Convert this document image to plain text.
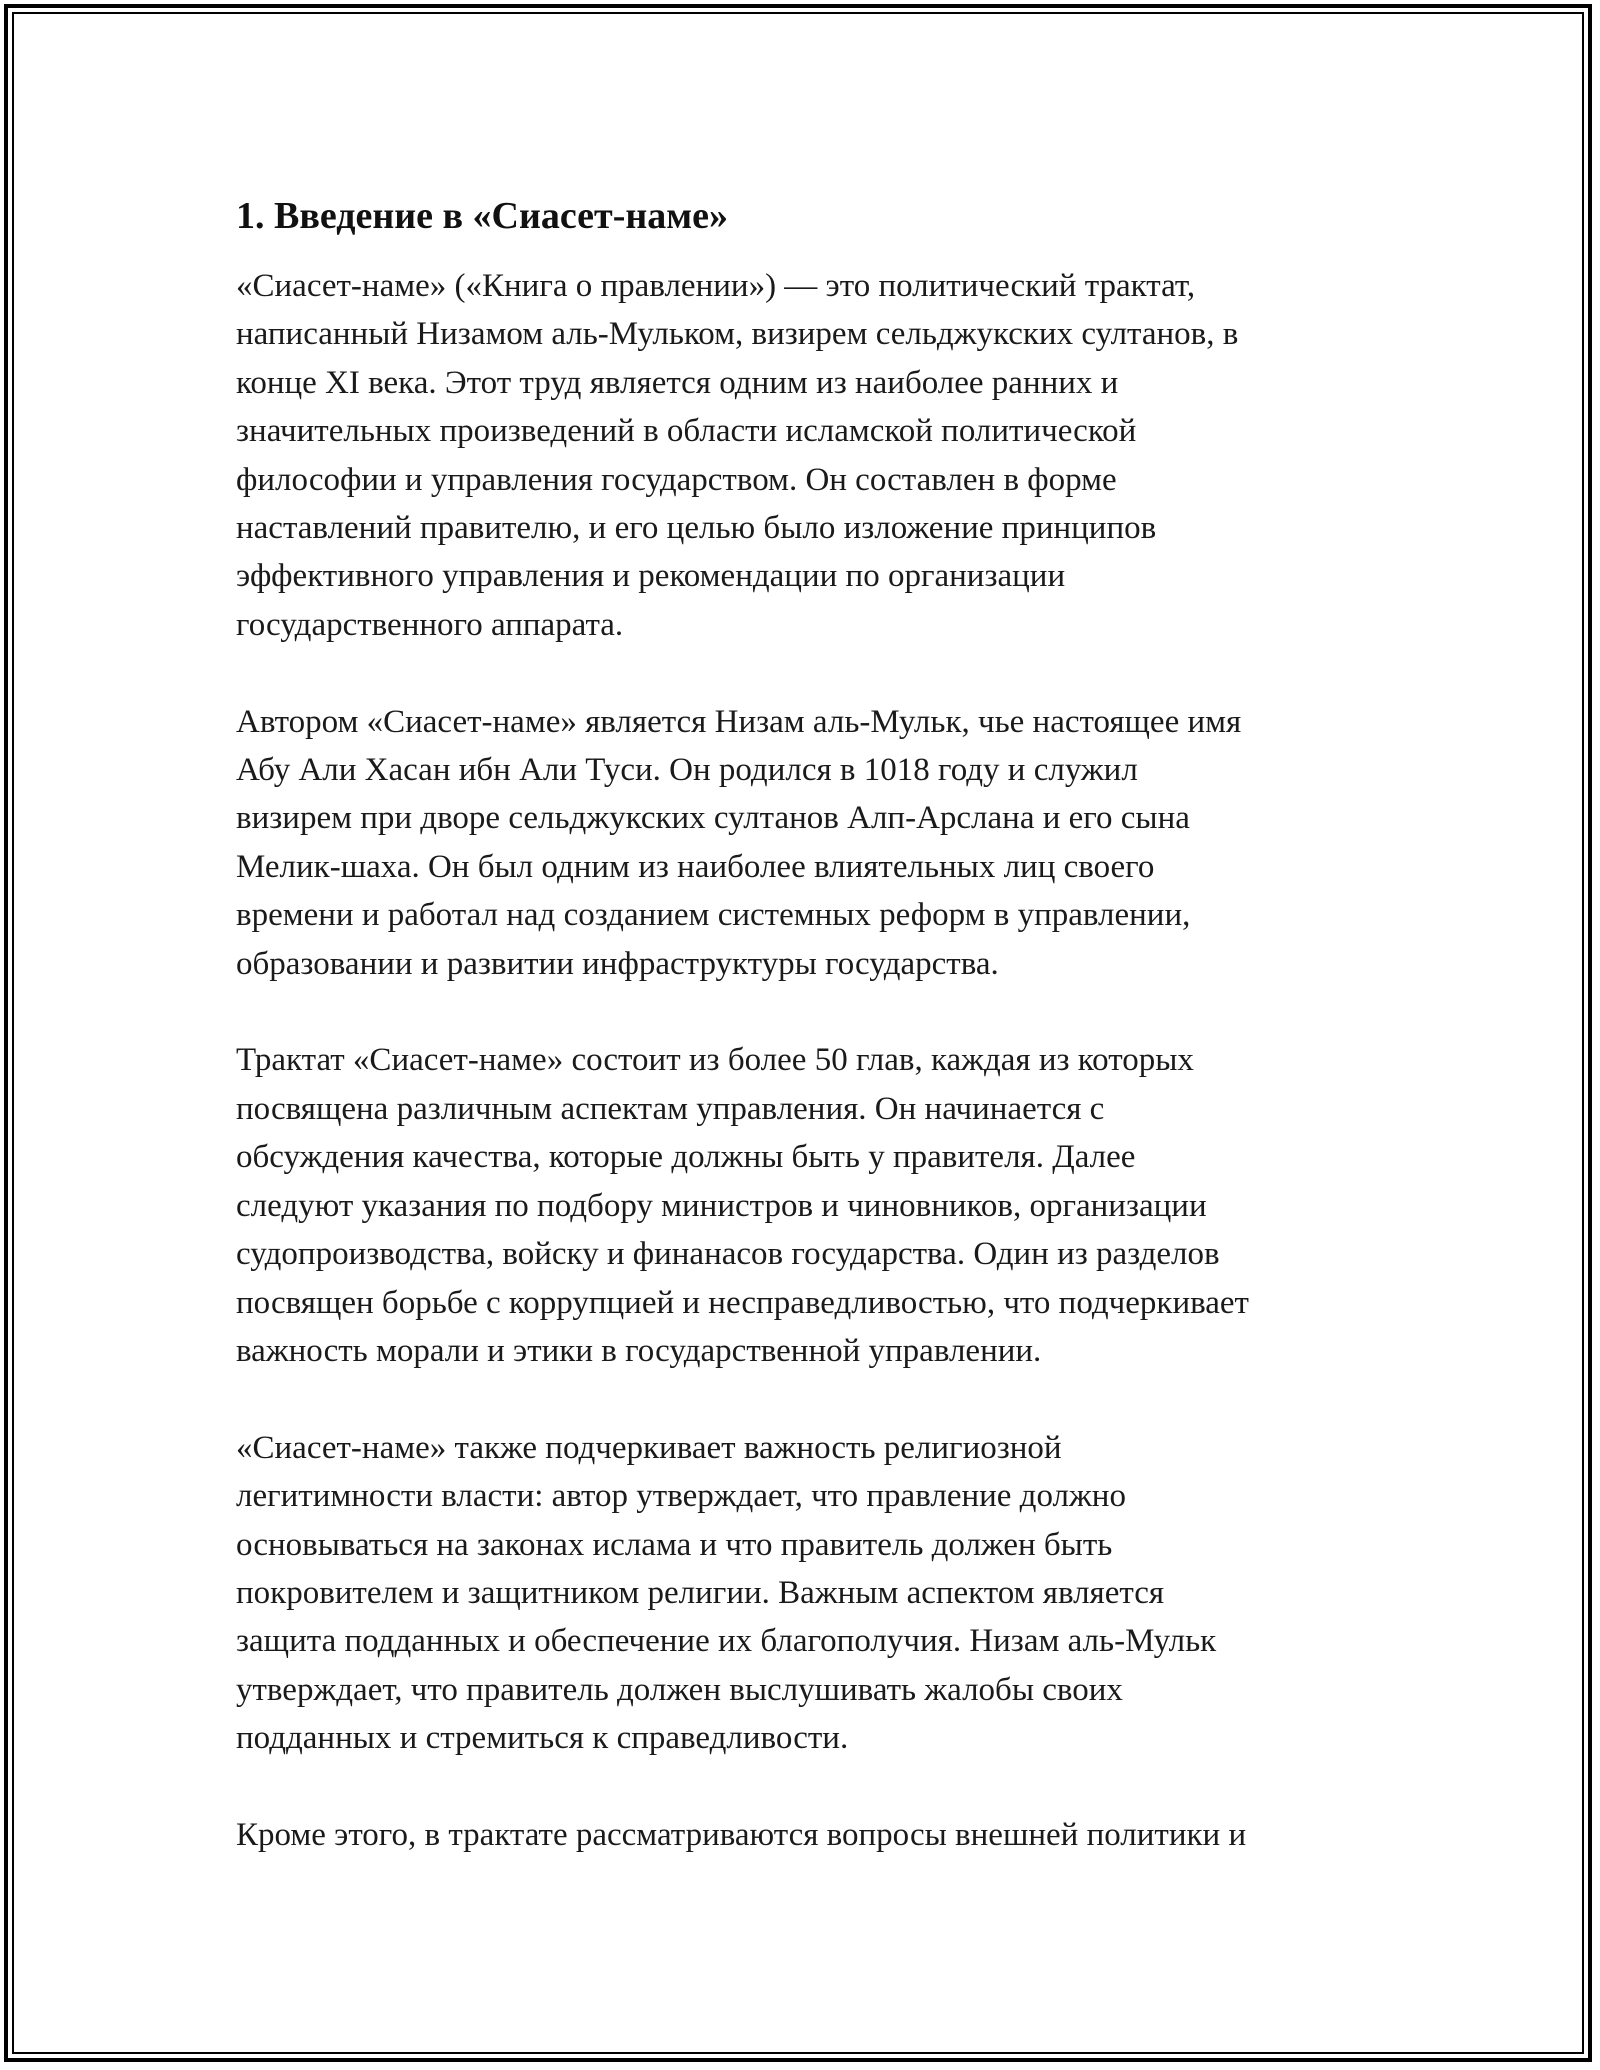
1. Введение в «Сиасет-наме»

«Сиасет-наме» («Книга о правлении») — это политический трактат,
написанный Низамом аль-Мульком, визирем сельджукских султанов, в
конце XI века. Этот труд является одним из наиболее ранних и
значительных произведений в области исламской политической
философии и управления государством. Он составлен в форме
наставлений правителю, и его целью было изложение принципов
эффективного управления и рекомендации по организации
государственного аппарата.

Автором «Сиасет-наме» является Низам аль-Мульк, чье настоящее имя
Абу Али Хасан ибн Али Туси. Он родился в 1018 году и служил
визирем при дворе сельджукских султанов Алп-Арслана и его сына
Мелик-шаха. Он был одним из наиболее влиятельных лиц своего
времени и работал над созданием системных реформ в управлении,
образовании и развитии инфраструктуры государства.

Трактат «Сиасет-наме» состоит из более 50 глав, каждая из которых
посвящена различным аспектам управления. Он начинается с
обсуждения качества, которые должны быть у правителя. Далее
следуют указания по подбору министров и чиновников, организации
судопроизводства, войску и финанасов государства. Один из разделов
посвящен борьбе с коррупцией и несправедливостью, что подчеркивает
важность морали и этики в государственной управлении.

«Сиасет-наме» также подчеркивает важность религиозной
легитимности власти: автор утверждает, что правление должно
основываться на законах ислама и что правитель должен быть
покровителем и защитником религии. Важным аспектом является
защита подданных и обеспечение их благополучия. Низам аль-Мульк
утверждает, что правитель должен выслушивать жалобы своих
подданных и стремиться к справедливости.

Кроме этого, в трактате рассматриваются вопросы внешней политики и
